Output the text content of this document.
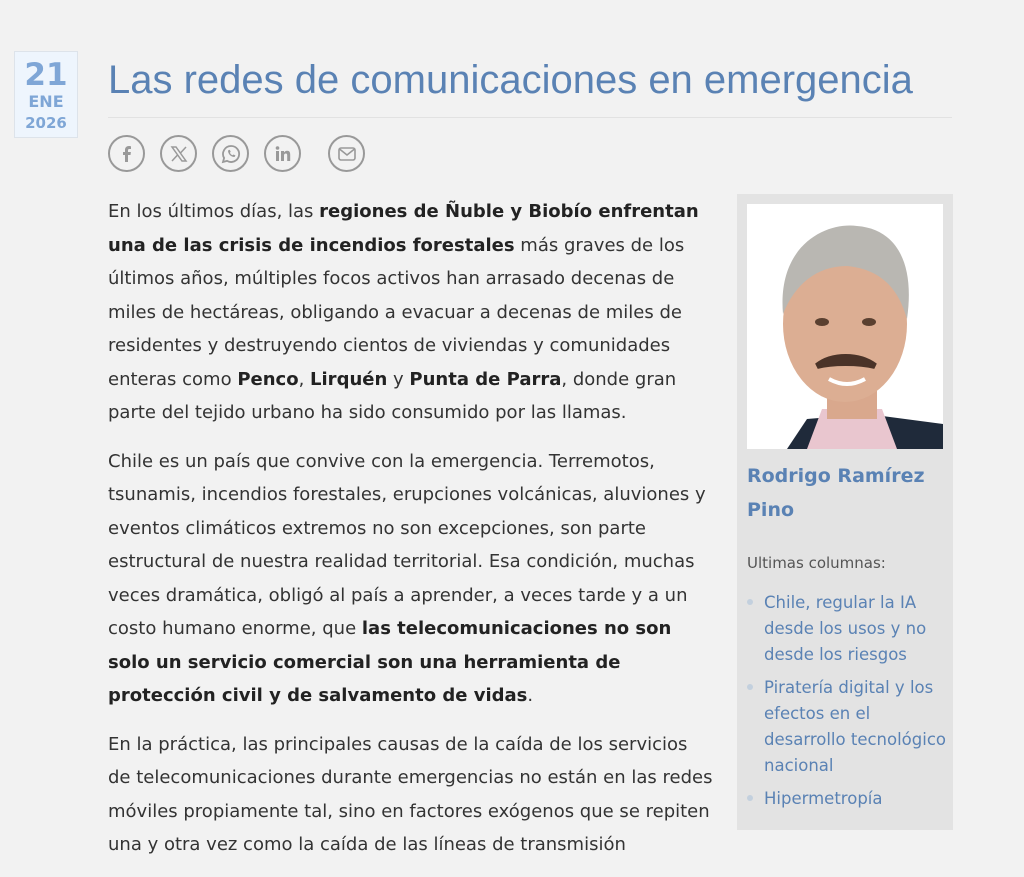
21
ENE
2026
Las redes de comunicaciones en emergencia

En los últimos días, las regiones de Ñuble y Biobío enfrentan una de las crisis de incendios forestales más graves de los últimos años, múltiples focos activos han arrasado decenas de miles de hectáreas, obligando a evacuar a decenas de miles de residentes y destruyendo cientos de viviendas y comunidades enteras como Penco, Lirquén y Punta de Parra, donde gran parte del tejido urbano ha sido consumido por las llamas.

Chile es un país que convive con la emergencia. Terremotos, tsunamis, incendios forestales, erupciones volcánicas, aluviones y eventos climáticos extremos no son excepciones, son parte estructural de nuestra realidad territorial. Esa condición, muchas veces dramática, obligó al país a aprender, a veces tarde y a un costo humano enorme, que las telecomunicaciones no son solo un servicio comercial son una herramienta de protección civil y de salvamento de vidas.

En la práctica, las principales causas de la caída de los servicios de telecomunicaciones durante emergencias no están en las redes móviles propiamente tal, sino en factores exógenos que se repiten una y otra vez como la caída de las líneas de transmisión

Rodrigo Ramírez Pino
Ultimas columnas:
Chile, regular la IA desde los usos y no desde los riesgos
Piratería digital y los efectos en el desarrollo tecnológico nacional
Hipermetropía
